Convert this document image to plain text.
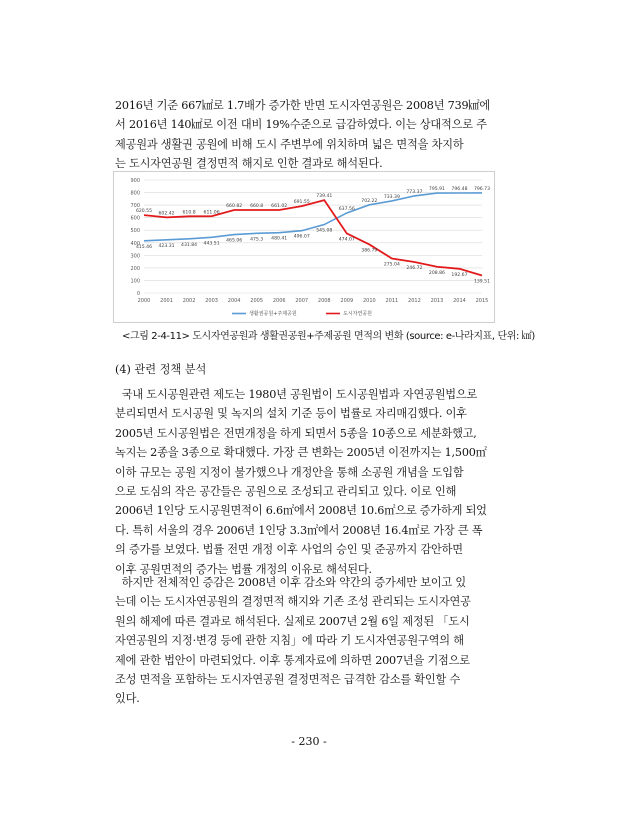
2016년 기준 667㎢로 1.7배가 증가한 반면 도시자연공원은 2008년 739㎢에
서 2016년 140㎢로 이전 대비 19%수준으로 급감하였다. 이는 상대적으로 주
제공원과 생활권 공원에 비해 도시 주변부에 위치하며 넓은 면적을 차지하
는 도시자연공원 결정면적 해지로 인한 결과로 해석된다.
0
100
200
300
400
500
600
700
800
900
2000 2001 2002 2003 2004 2005 2006 2007 2008 2009 2010 2011 2012 2013 2014 2015
415.46 423.31 431.84 443.51
465.06 475.3 480.41 496.07
545.08
637.56
702.22
733.39
773.37
795.91 796.48 796.73
620.55 602.42 610.8 611.06
660.82 660.8 661.02
691.55
739.41
474.07
386.79
275.04
246.72
208.86 192.67
139.51
생활권공원+주제공원	도시자연공원
<그림 2-4-11> 도시자연공원과 생활권공원+주제공원 면적의 변화 (source: e-나라지표, 단위: ㎢)
(4) 관련 정책 분석
국내 도시공원관련 제도는 1980년 공원법이 도시공원법과 자연공원법으로
분리되면서 도시공원 및 녹지의 설치 기준 등이 법률로 자리매김했다. 이후
2005년 도시공원법은 전면개정을 하게 되면서 5종을 10종으로 세분화했고,
녹지는 2종을 3종으로 확대했다. 가장 큰 변화는 2005년 이전까지는 1,500㎡
이하 규모는 공원 지정이 불가했으나 개정안을 통해 소공원 개념을 도입함
으로 도심의 작은 공간들은 공원으로 조성되고 관리되고 있다. 이로 인해
2006년 1인당 도시공원면적이 6.6㎡에서 2008년 10.6㎡으로 증가하게 되었
다. 특히 서울의 경우 2006년 1인당 3.3㎡에서 2008년 16.4㎡로 가장 큰 폭
의 증가를 보였다. 법률 전면 개정 이후 사업의 승인 및 준공까지 감안하면
이후 공원면적의 증가는 법률 개정의 이유로 해석된다.
하지만 전체적인 증감은 2008년 이후 감소와 약간의 증가세만 보이고 있
는데 이는 도시자연공원의 결정면적 해지와 기존 조성 관리되는 도시자연공
원의 해제에 따른 결과로 해석된다. 실제로 2007년 2월 6일 제정된 「도시
자연공원의 지정·변경 등에 관한 지침」에 따라 기 도시자연공원구역의 해
제에 관한 법안이 마련되었다. 이후 통계자료에 의하면 2007년을 기점으로
조성 면적을 포함하는 도시자연공원 결정면적은 급격한 감소를 확인할 수
있다.
- 230 -
